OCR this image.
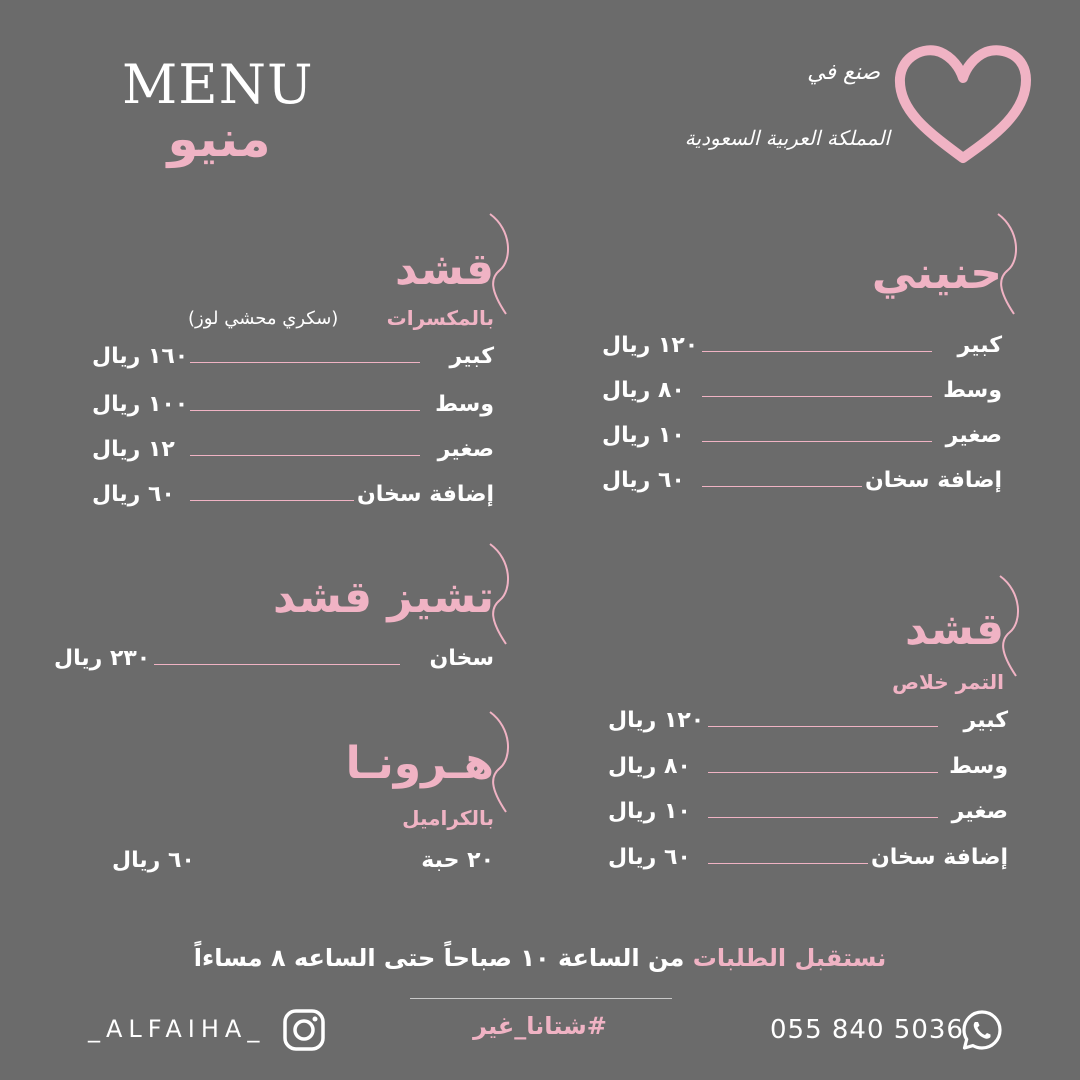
MENU
منيو
صنع في
المملكة العربية السعودية
قشد
بالمكسرات
(سكري محشي لوز)
كبير
١٦٠ ريال
وسط
١٠٠ ريال
صغير
١٢ ريال
إضافة سخان
٦٠ ريال
حنيني
كبير
١٢٠ ريال
وسط
٨٠ ريال
صغير
١٠ ريال
إضافة سخان
٦٠ ريال
تشيز قشد
سخان
٢٣٠ ريال
قشد
التمر خلاص
كبير
١٢٠ ريال
وسط
٨٠ ريال
صغير
١٠ ريال
إضافة سخان
٦٠ ريال
هـرونـا
بالكراميل
٢٠ حبة
٦٠ ريال
نستقبل الطلبات من الساعة ١٠ صباحاً حتى الساعه ٨ مساءاً
#شتانا_غير
_ALFAIHA_	055 840 5036
